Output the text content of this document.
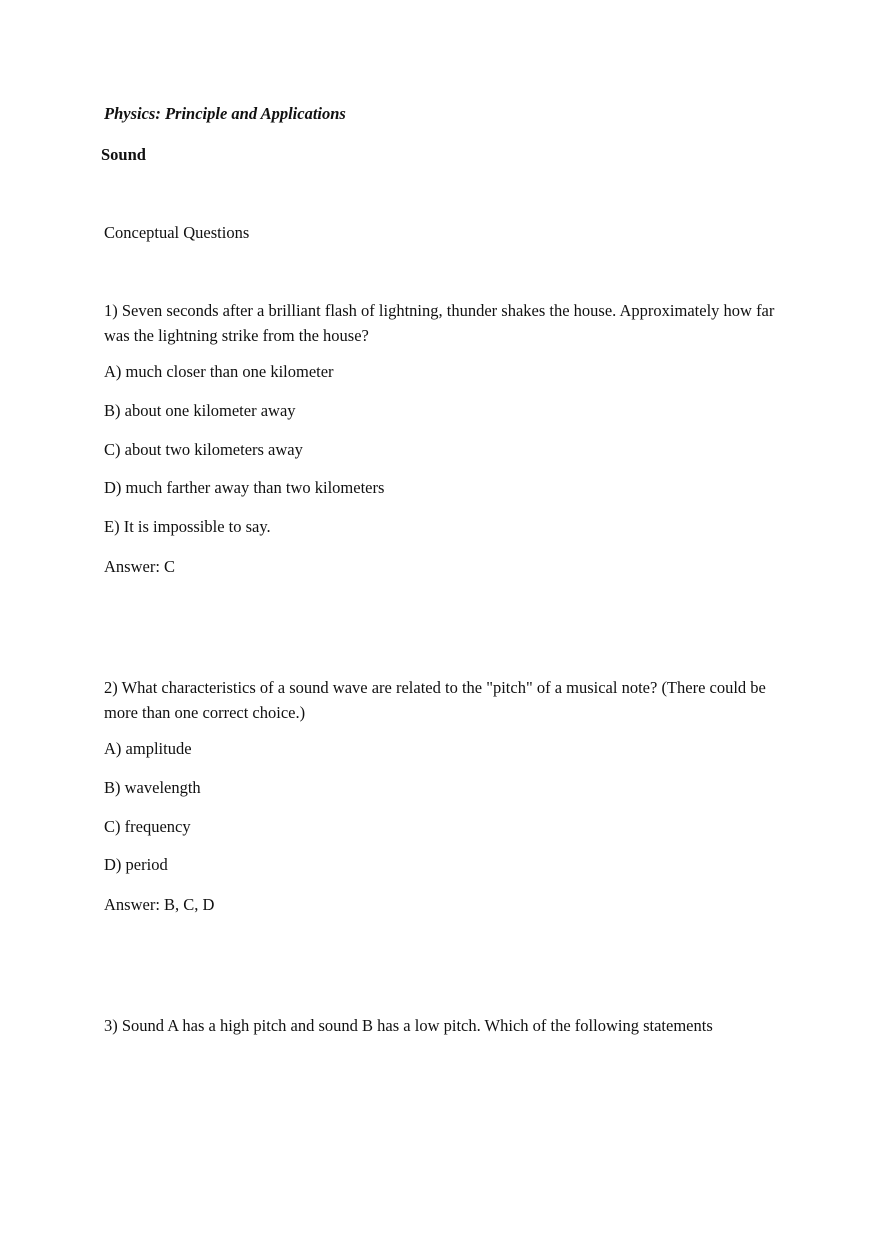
Physics: Principle and Applications
Sound
Conceptual Questions
1) Seven seconds after a brilliant flash of lightning, thunder shakes the house. Approximately how far was the lightning strike from the house?
A) much closer than one kilometer
B) about one kilometer away
C) about two kilometers away
D) much farther away than two kilometers
E) It is impossible to say.
Answer: C
2) What characteristics of a sound wave are related to the "pitch" of a musical note? (There could be more than one correct choice.)
A) amplitude
B) wavelength
C) frequency
D) period
Answer: B, C, D
3) Sound A has a high pitch and sound B has a low pitch. Which of the following statements
